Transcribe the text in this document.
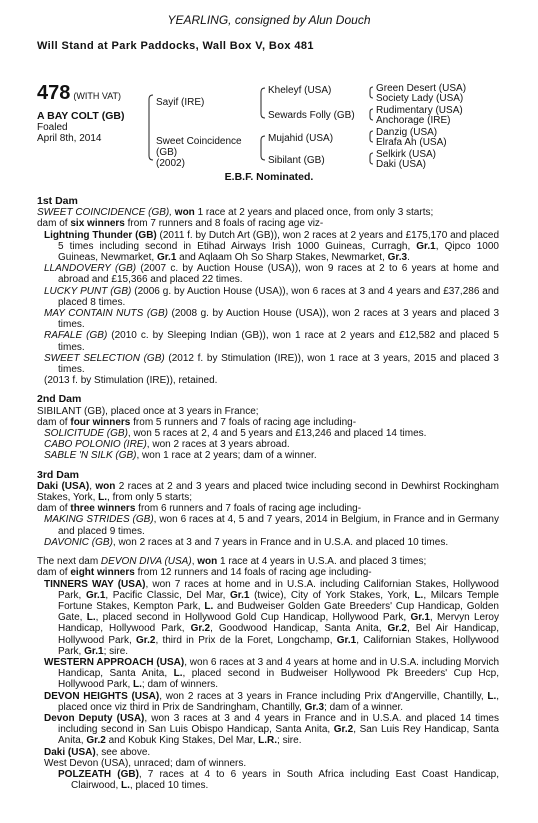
YEARLING, consigned by Alun Douch
Will Stand at Park Paddocks, Wall Box V, Box 481
478 (WITH VAT)
A BAY COLT (GB)
Foaled
April 8th, 2014
Sayif (IRE)
Sweet Coincidence
(GB)
(2002)
Kheleyf (USA)
Sewards Folly (GB)
Mujahid (USA)
Sibilant (GB)
Green Desert (USA)
Society Lady (USA)
Rudimentary (USA)
Anchorage (IRE)
Danzig (USA)
Elrafa Ah (USA)
Selkirk (USA)
Daki (USA)
E.B.F. Nominated.
1st Dam

SWEET COINCIDENCE (GB), won 1 race at 2 years and placed once, from only 3 starts;

dam of six winners from 7 runners and 8 foals of racing age viz-

Lightning Thunder (GB) (2011 f. by Dutch Art (GB)), won 2 races at 2 years and £175,170 and placed 5 times including second in Etihad Airways Irish 1000 Guineas, Curragh, Gr.1, Qipco 1000 Guineas, Newmarket, Gr.1 and Aqlaam Oh So Sharp Stakes, Newmarket, Gr.3.

LLANDOVERY (GB) (2007 c. by Auction House (USA)), won 9 races at 2 to 6 years at home and abroad and £15,366 and placed 22 times.

LUCKY PUNT (GB) (2006 g. by Auction House (USA)), won 6 races at 3 and 4 years and £37,286 and placed 8 times.

MAY CONTAIN NUTS (GB) (2008 g. by Auction House (USA)), won 2 races at 3 years and placed 3 times.

RAFALE (GB) (2010 c. by Sleeping Indian (GB)), won 1 race at 2 years and £12,582 and placed 5 times.

SWEET SELECTION (GB) (2012 f. by Stimulation (IRE)), won 1 race at 3 years, 2015 and placed 3 times.

(2013 f. by Stimulation (IRE)), retained.

2nd Dam

SIBILANT (GB), placed once at 3 years in France;

dam of four winners from 5 runners and 7 foals of racing age including-

SOLICITUDE (GB), won 5 races at 2, 4 and 5 years and £13,246 and placed 14 times.

CABO POLONIO (IRE), won 2 races at 3 years abroad.

SABLE 'N SILK (GB), won 1 race at 2 years; dam of a winner.

3rd Dam

Daki (USA), won 2 races at 2 and 3 years and placed twice including second in Dewhirst Rockingham Stakes, York, L., from only 5 starts;

dam of three winners from 6 runners and 7 foals of racing age including-

MAKING STRIDES (GB), won 6 races at 4, 5 and 7 years, 2014 in Belgium, in France and in Germany and placed 9 times.

DAVONIC (GB), won 2 races at 3 and 7 years in France and in U.S.A. and placed 10 times.

The next dam DEVON DIVA (USA), won 1 race at 4 years in U.S.A. and placed 3 times;

dam of eight winners from 12 runners and 14 foals of racing age including-

TINNERS WAY (USA), won 7 races at home and in U.S.A. including Californian Stakes, Hollywood Park, Gr.1, Pacific Classic, Del Mar, Gr.1 (twice), City of York Stakes, York, L., Milcars Temple Fortune Stakes, Kempton Park, L. and Budweiser Golden Gate Breeders' Cup Handicap, Golden Gate, L., placed second in Hollywood Gold Cup Handicap, Hollywood Park, Gr.1, Mervyn Leroy Handicap, Hollywood Park, Gr.2, Goodwood Handicap, Santa Anita, Gr.2, Bel Air Handicap, Hollywood Park, Gr.2, third in Prix de la Foret, Longchamp, Gr.1, Californian Stakes, Hollywood Park, Gr.1; sire.

WESTERN APPROACH (USA), won 6 races at 3 and 4 years at home and in U.S.A. including Morvich Handicap, Santa Anita, L., placed second in Budweiser Hollywood Pk Breeders' Cup Hcp, Hollywood Park, L.; dam of winners.

DEVON HEIGHTS (USA), won 2 races at 3 years in France including Prix d'Angerville, Chantilly, L., placed once viz third in Prix de Sandringham, Chantilly, Gr.3; dam of a winner.

Devon Deputy (USA), won 3 races at 3 and 4 years in France and in U.S.A. and placed 14 times including second in San Luis Obispo Handicap, Santa Anita, Gr.2, San Luis Rey Handicap, Santa Anita, Gr.2 and Kobuk King Stakes, Del Mar, L.R.; sire.

Daki (USA), see above.

West Devon (USA), unraced; dam of winners.

POLZEATH (GB), 7 races at 4 to 6 years in South Africa including East Coast Handicap, Clairwood, L., placed 10 times.
